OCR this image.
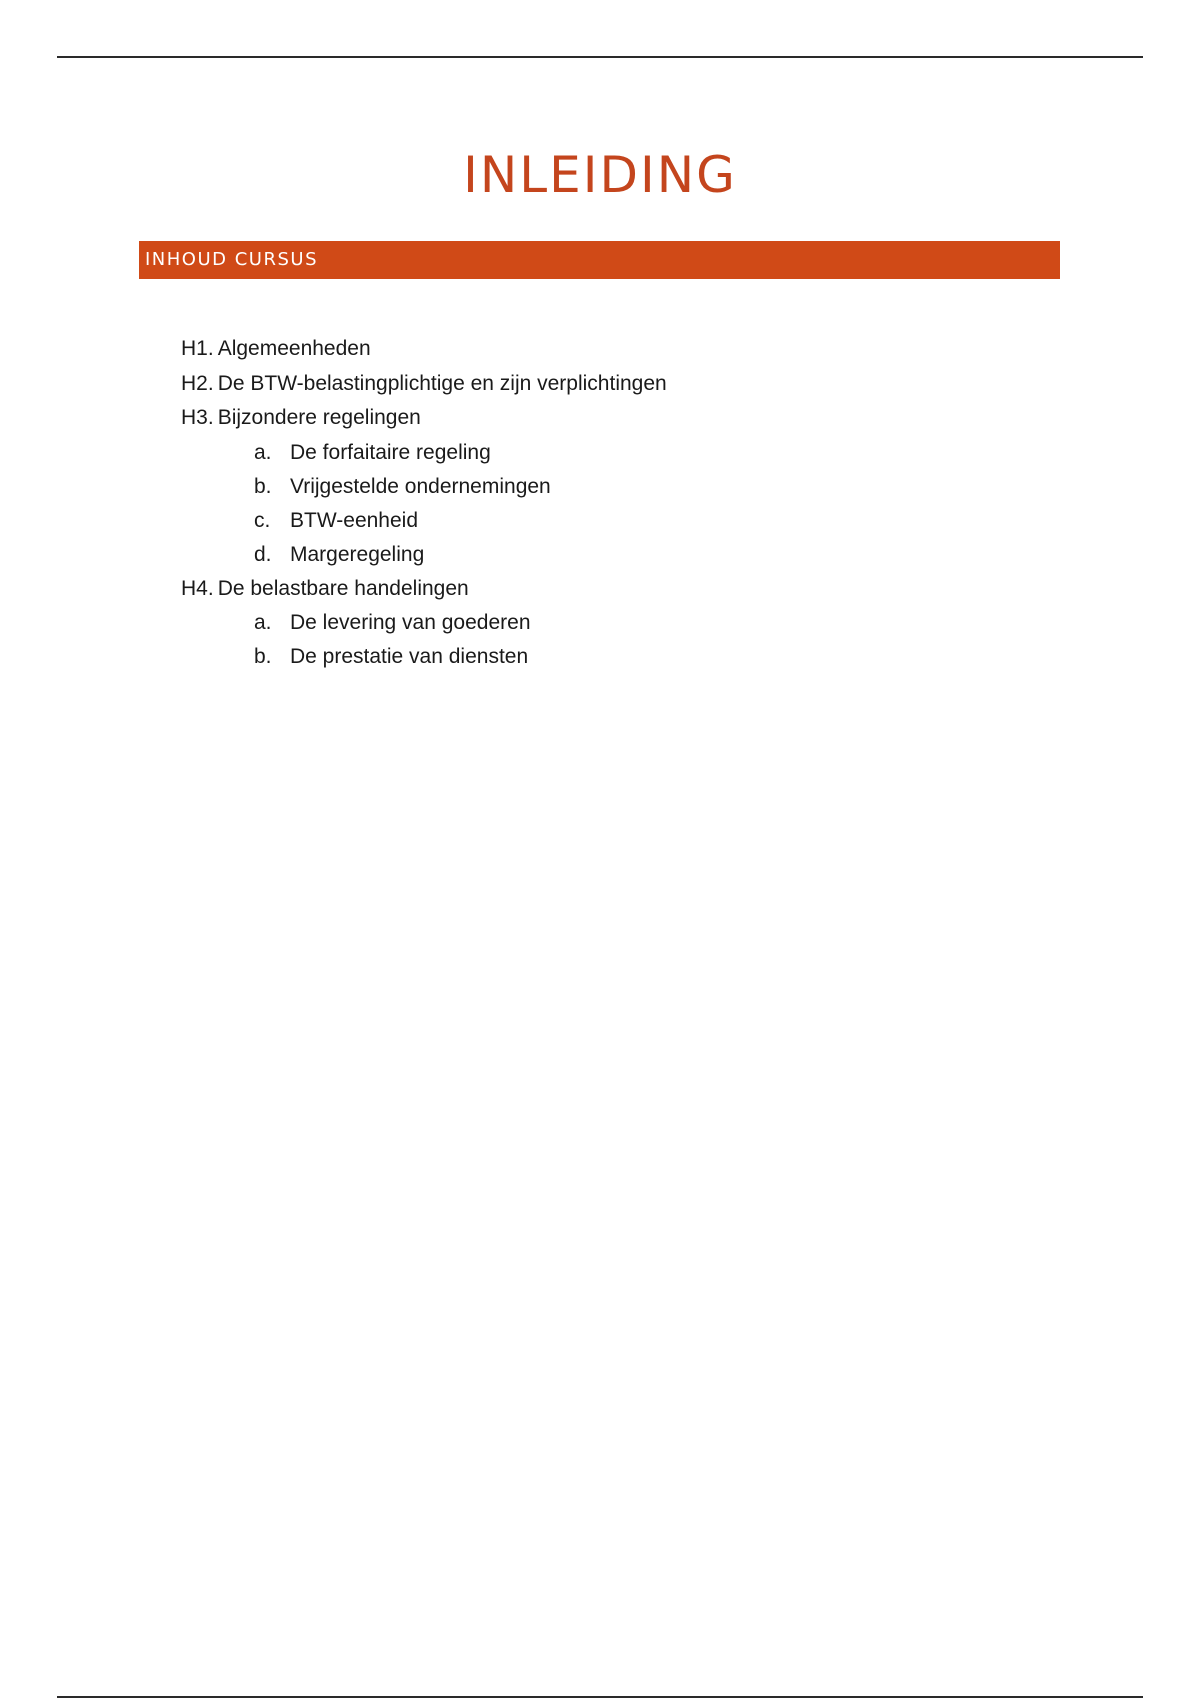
INLEIDING
INHOUD CURSUS
H1. Algemeenheden
H2. De BTW-belastingplichtige en zijn verplichtingen
H3. Bijzondere regelingen
a. De forfaitaire regeling
b. Vrijgestelde ondernemingen
c. BTW-eenheid
d. Margeregeling
H4. De belastbare handelingen
a. De levering van goederen
b. De prestatie van diensten
